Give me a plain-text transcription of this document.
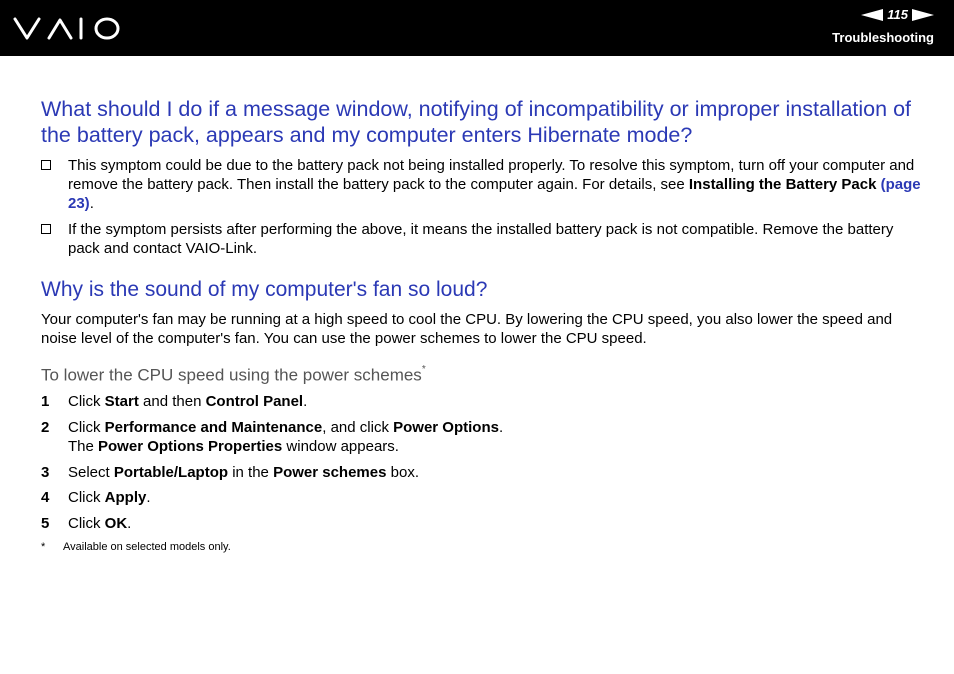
115
Troubleshooting
What should I do if a message window, notifying of incompatibility or improper installation of the battery pack, appears and my computer enters Hibernate mode?
This symptom could be due to the battery pack not being installed properly. To resolve this symptom, turn off your computer and remove the battery pack. Then install the battery pack to the computer again. For details, see Installing the Battery Pack (page 23).
If the symptom persists after performing the above, it means the installed battery pack is not compatible. Remove the battery pack and contact VAIO-Link.
Why is the sound of my computer's fan so loud?
Your computer's fan may be running at a high speed to cool the CPU. By lowering the CPU speed, you also lower the speed and noise level of the computer's fan. You can use the power schemes to lower the CPU speed.
To lower the CPU speed using the power schemes*
1	Click Start and then Control Panel.
2	Click Performance and Maintenance, and click Power Options.
The Power Options Properties window appears.
3	Select Portable/Laptop in the Power schemes box.
4	Click Apply.
5	Click OK.
*	Available on selected models only.
